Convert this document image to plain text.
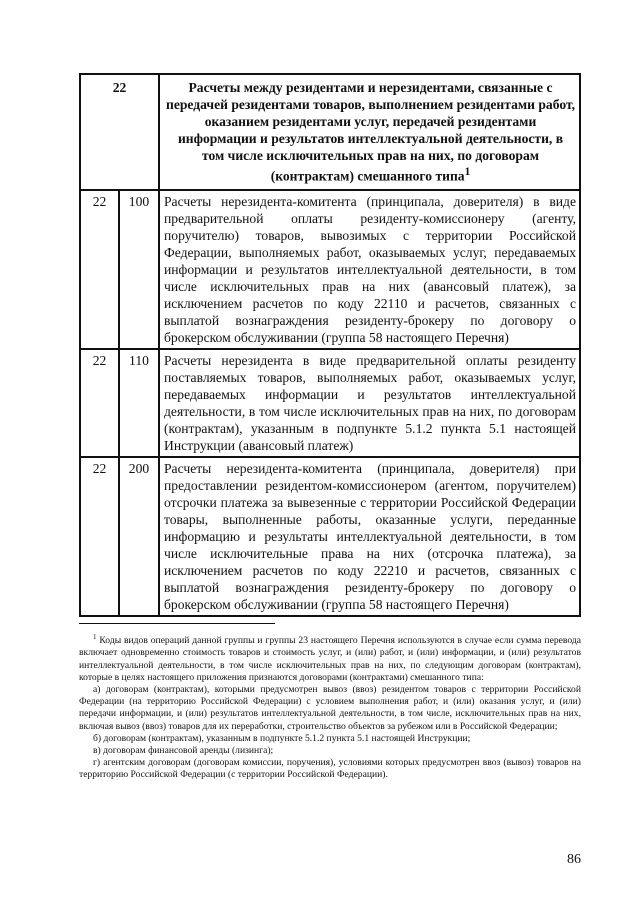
22		Расчеты между резидентами и нерезидентами, связанные с передачей резидентами товаров, выполнением резидентами работ, оказанием резидентами услуг, передачей резидентами информации и результатов интеллектуальной деятельности, в том числе исключительных прав на них, по договорам (контрактам) смешанного типа$^1$
22	100	Расчеты нерезидента-комитента (принципала, доверителя) в виде предварительной оплаты резиденту-комиссионеру (агенту, поручителю) товаров, вывозимых с территории Российской Федерации, выполняемых работ, оказываемых услуг, передаваемых информации и результатов интеллектуальной деятельности, в том числе исключительных прав на них (авансовый платеж), за исключением расчетов по коду 22110 и расчетов, связанных с выплатой вознаграждения резиденту-брокеру по договору о брокерском обслуживании (группа 58 настоящего Перечня)
22	110	Расчеты нерезидента в виде предварительной оплаты резиденту поставляемых товаров, выполняемых работ, оказываемых услуг, передаваемых информации и результатов интеллектуальной деятельности, в том числе исключительных прав на них, по договорам (контрактам), указанным в подпункте 5.1.2 пункта 5.1 настоящей Инструкции (авансовый платеж)
22	200	Расчеты нерезидента-комитента (принципала, доверителя) при предоставлении резидентом-комиссионером (агентом, поручителем) отсрочки платежа за вывезенные с территории Российской Федерации товары, выполненные работы, оказанные услуги, переданные информацию и результаты интеллектуальной деятельности, в том числе исключительные права на них (отсрочка платежа), за исключением расчетов по коду 22210 и расчетов, связанных с выплатой вознаграждения резиденту-брокеру по договору о брокерском обслуживании (группа 58 настоящего Перечня)

$^1$ Коды видов операций данной группы и группы 23 настоящего Перечня используются в случае если сумма перевода включает одновременно стоимость товаров и стоимость услуг, и (или) работ, и (или) информации, и (или) результатов интеллектуальной деятельности, в том числе исключительных прав на них, по следующим договорам (контрактам), которые в целях настоящего приложения признаются договорами (контрактами) смешанного типа:

а) договорам (контрактам), которыми предусмотрен вывоз (ввоз) резидентом товаров с территории Российской Федерации (на территорию Российской Федерации) с условием выполнения работ, и (или) оказания услуг, и (или) передачи информации, и (или) результатов интеллектуальной деятельности, в том числе, исключительных прав на них, включая вывоз (ввоз) товаров для их переработки, строительство объектов за рубежом или в Российской Федерации;

б) договорам (контрактам), указанным в подпункте 5.1.2 пункта 5.1 настоящей Инструкции;

в) договорам финансовой аренды (лизинга);

г) агентским договорам (договорам комиссии, поручения), условиями которых предусмотрен ввоз (вывоз) товаров на территорию Российской Федерации (с территории Российской Федерации).

86
